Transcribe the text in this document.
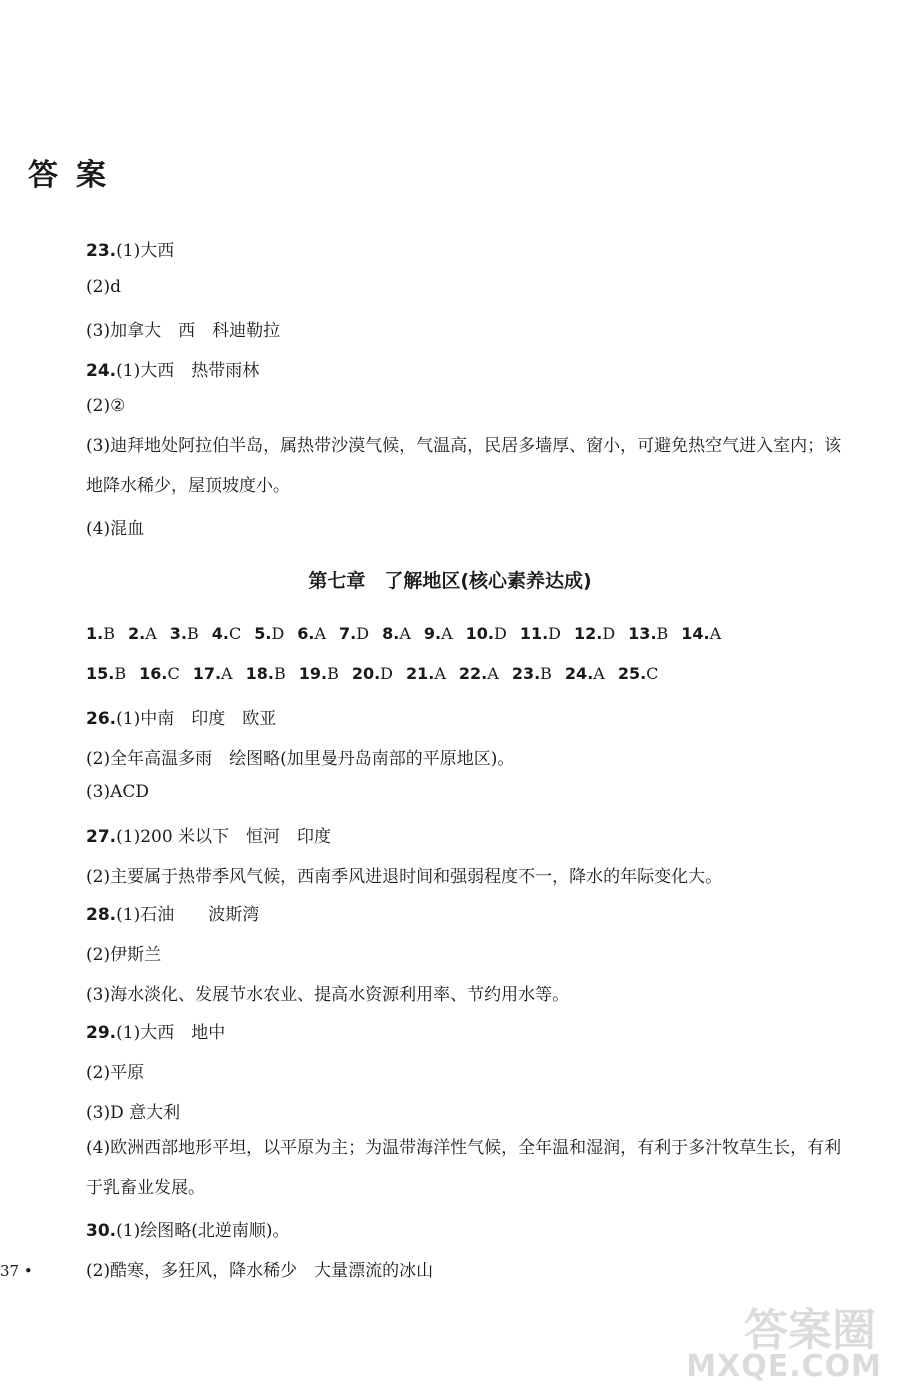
答案
23.(1)大西
(2)d
(3)加拿大　西　科迪勒拉
24.(1)大西　热带雨林
(2)②
(3)迪拜地处阿拉伯半岛，属热带沙漠气候，气温高，民居多墙厚、窗小，可避免热空气进入室内；该地降水稀少，屋顶坡度小。
(4)混血
第七章　了解地区(核心素养达成)
1.B 2.A 3.B 4.C 5.D 6.A 7.D 8.A 9.A 10.D 11.D 12.D 13.B 14.A
15.B 16.C 17.A 18.B 19.B 20.D 21.A 22.A 23.B 24.A 25.C
26.(1)中南　印度　欧亚
(2)全年高温多雨　绘图略(加里曼丹岛南部的平原地区)。
(3)ACD
27.(1)200 米以下　恒河　印度
(2)主要属于热带季风气候，西南季风进退时间和强弱程度不一，降水的年际变化大。
28.(1)石油　　波斯湾
(2)伊斯兰
(3)海水淡化、发展节水农业、提高水资源利用率、节约用水等。
29.(1)大西　地中
(2)平原
(3)D 意大利
(4)欧洲西部地形平坦，以平原为主；为温带海洋性气候，全年温和湿润，有利于多汁牧草生长，有利于乳畜业发展。
30.(1)绘图略(北逆南顺)。
(2)酷寒，多狂风，降水稀少　大量漂流的冰山
37 •
答案圈
MXQE.COM
